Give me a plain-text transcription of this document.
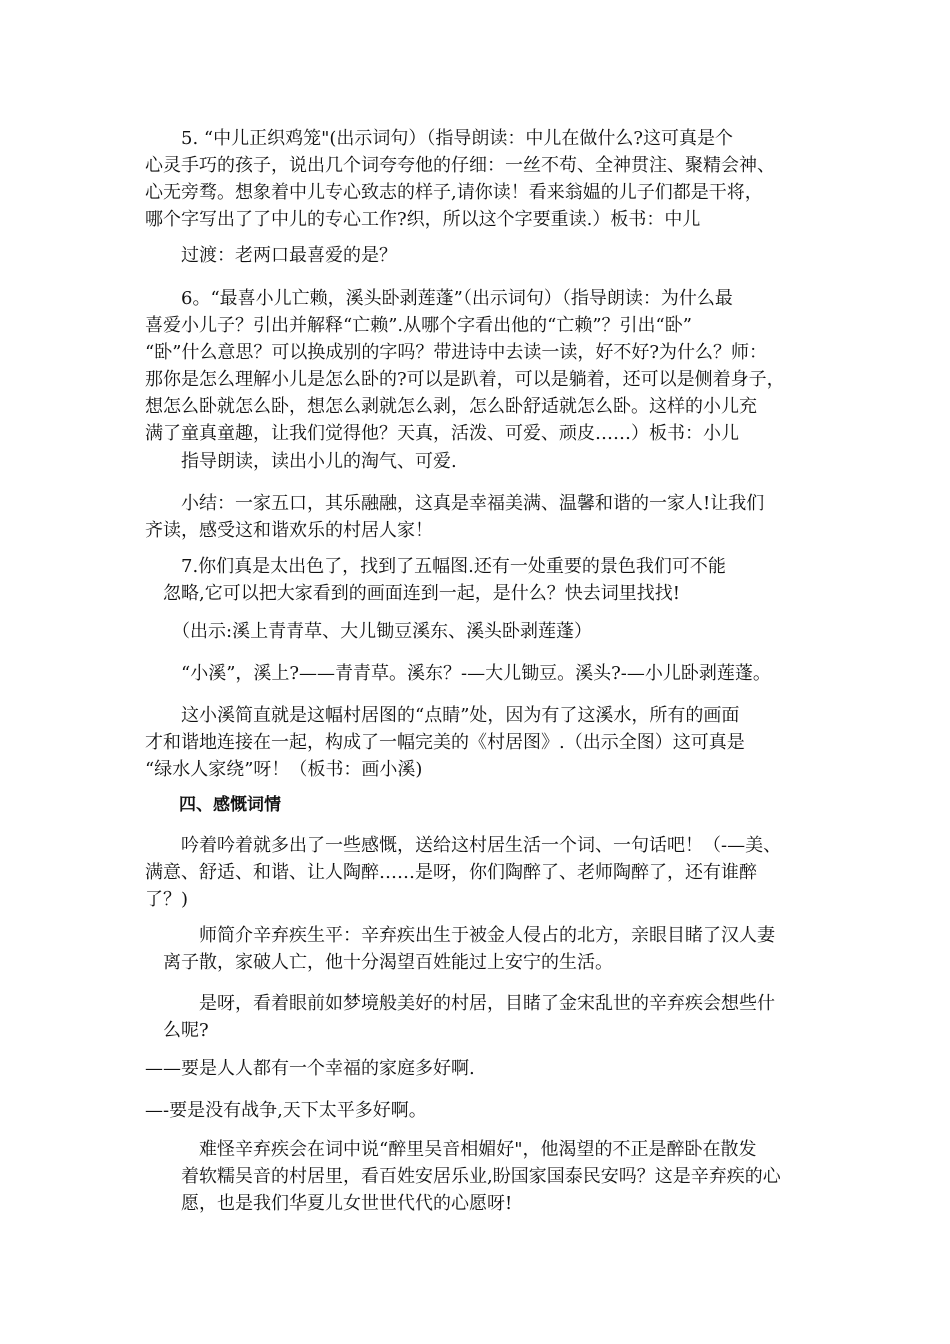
　　5. “中儿正织鸡笼"(出示词句）（指导朗读：中儿在做什么?这可真是个
心灵手巧的孩子，说出几个词夸夸他的仔细：一丝不苟、全神贯注、聚精会神、
心无旁骛。想象着中儿专心致志的样子,请你读！看来翁媪的儿子们都是干将，
哪个字写出了了中儿的专心工作?织，所以这个字要重读.）板书：中儿

　　过渡：老两口最喜爱的是？

　　6。“最喜小儿亡赖，溪头卧剥莲蓬”（出示词句）（指导朗读：为什么最
喜爱小儿子？引出并解释“亡赖”.从哪个字看出他的“亡赖”？引出“卧”
“卧”什么意思？可以换成别的字吗？带进诗中去读一读，好不好?为什么？师：
那你是怎么理解小儿是怎么卧的?可以是趴着，可以是躺着，还可以是侧着身子，
想怎么卧就怎么卧，想怎么剥就怎么剥，怎么卧舒适就怎么卧。这样的小儿充
满了童真童趣，让我们觉得他？天真，活泼、可爱、顽皮……）板书：小儿

　　指导朗读，读出小儿的淘气、可爱.

　　小结：一家五口，其乐融融，这真是幸福美满、温馨和谐的一家人!让我们
齐读，感受这和谐欢乐的村居人家！

　　7.你们真是太出色了，找到了五幅图.还有一处重要的景色我们可不能
　忽略,它可以把大家看到的画面连到一起，是什么？快去词里找找!

　　（出示:溪上青青草、大儿锄豆溪东、溪头卧剥莲蓬）

　　“小溪”，溪上?——青青草。溪东？-—大儿锄豆。溪头?-—小儿卧剥莲蓬。

　　这小溪简直就是这幅村居图的“点睛”处，因为有了这溪水，所有的画面
才和谐地连接在一起，构成了一幅完美的《村居图》.（出示全图）这可真是
“绿水人家绕”呀！（板书：画小溪)

　　四、感慨词情

　　吟着吟着就多出了一些感慨，送给这村居生活一个词、一句话吧！（-—美、
满意、舒适、和谐、让人陶醉……是呀，你们陶醉了、老师陶醉了，还有谁醉
了？)

　　　师简介辛弃疾生平：辛弃疾出生于被金人侵占的北方，亲眼目睹了汉人妻
　离子散，家破人亡，他十分渴望百姓能过上安宁的生活。

　　　是呀，看着眼前如梦境般美好的村居，目睹了金宋乱世的辛弃疾会想些什
　么呢?

——要是人人都有一个幸福的家庭多好啊.

—-要是没有战争,天下太平多好啊。

　　　难怪辛弃疾会在词中说“醉里吴音相媚好"，他渴望的不正是醉卧在散发
　　着软糯吴音的村居里，看百姓安居乐业,盼国家国泰民安吗？这是辛弃疾的心
　　愿，也是我们华夏儿女世世代代的心愿呀!
